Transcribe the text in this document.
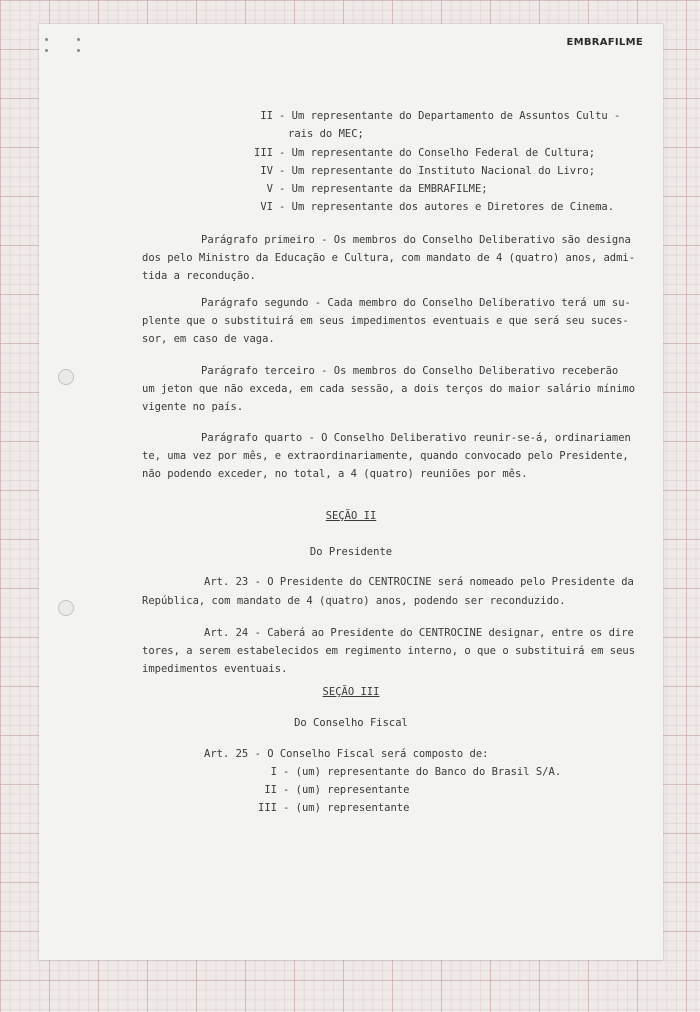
EMBRAFILME

II - Um representante do Departamento de Assuntos Cultu -

rais do MEC;

III - Um representante do Conselho Federal de Cultura;

IV - Um representante do Instituto Nacional do Livro;

V - Um representante da EMBRAFILME;

VI - Um representante dos autores e Diretores de Cinema.

Parágrafo primeiro - Os membros do Conselho Deliberativo são designa

dos pelo Ministro da Educação e Cultura, com mandato de 4 (quatro) anos, admi-

tida a recondução.

Parágrafo segundo - Cada membro do Conselho Deliberativo terá um su-

plente que o substituirá em seus impedimentos eventuais e que será seu suces-

sor, em caso de vaga.

Parágrafo terceiro - Os membros do Conselho Deliberativo receberão

um jeton que não exceda, em cada sessão, a dois terços do maior salário mínimo

vigente no país.

Parágrafo quarto - O Conselho Deliberativo reunir-se-á, ordinariamen

te, uma vez por mês, e extraordinariamente, quando convocado pelo Presidente,

não podendo exceder, no total, a 4 (quatro) reuniões por mês.

SEÇÃO II

Do Presidente

Art. 23 - O Presidente do CENTROCINE será nomeado pelo Presidente da

República, com mandato de 4 (quatro) anos, podendo ser reconduzido.

Art. 24 - Caberá ao Presidente do CENTROCINE designar, entre os dire

tores, a serem estabelecidos em regimento interno, o que o substituirá em seus

impedimentos eventuais.

SEÇÃO III

Do Conselho Fiscal

Art. 25 - O Conselho Fiscal será composto de:

I - (um) representante do Banco do Brasil S/A.

II - (um) representante

III - (um) representante
